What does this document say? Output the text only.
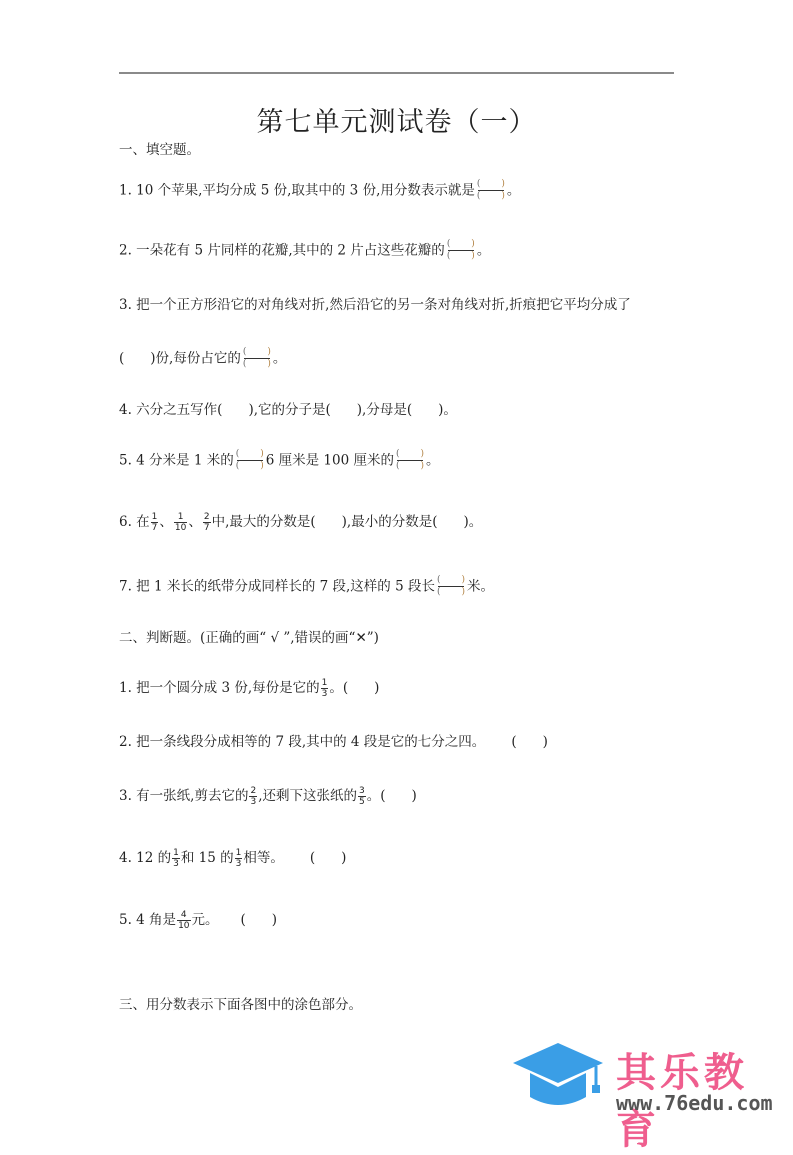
第七单元测试卷（一）
一、填空题。
1. 10 个苹果,平均分成 5 份,取其中的 3 份,用分数表示就是 ( )
( ) 。
2. 一朵花有 5 片同样的花瓣,其中的 2 片占这些花瓣的 ( )
( ) 。
3. 把一个正方形沿它的对角线对折,然后沿它的另一条对角线对折,折痕把它平均分成了
( )份,每份占它的 ( )
( ) 。
4. 六分之五写作( ),它的分子是( ),分母是( )。
5. 4 分米是 1 米的 ( )
( ) 6 厘米是 100 厘米的 ( )
( ) 。
6. 在 $\frac{1}{7}$ 、 $\frac{1}{10}$ 、 $\frac{2}{7}$ 中,最大的分数是( ),最小的分数是( )。
7. 把 1 米长的纸带分成同样长的 7 段,这样的 5 段长 ( )
( ) 米。
二、判断题。(正确的画“ √ ”,错误的画“✕”)
1. 把一个圆分成 3 份,每份是它的 $\frac{1}{3}$ 。( )
2. 把一条线段分成相等的 7 段,其中的 4 段是它的七分之四。 ( )
3. 有一张纸,剪去它的 $\frac{2}{3}$ ,还剩下这张纸的 $\frac{3}{5}$ 。( )
4. 12 的 $\frac{1}{3}$ 和 15 的 $\frac{1}{3}$ 相等。 ( )
5. 4 角是 $\frac{4}{10}$ 元。 ( )
三、用分数表示下面各图中的涂色部分。
其乐教育
www.76edu.com
